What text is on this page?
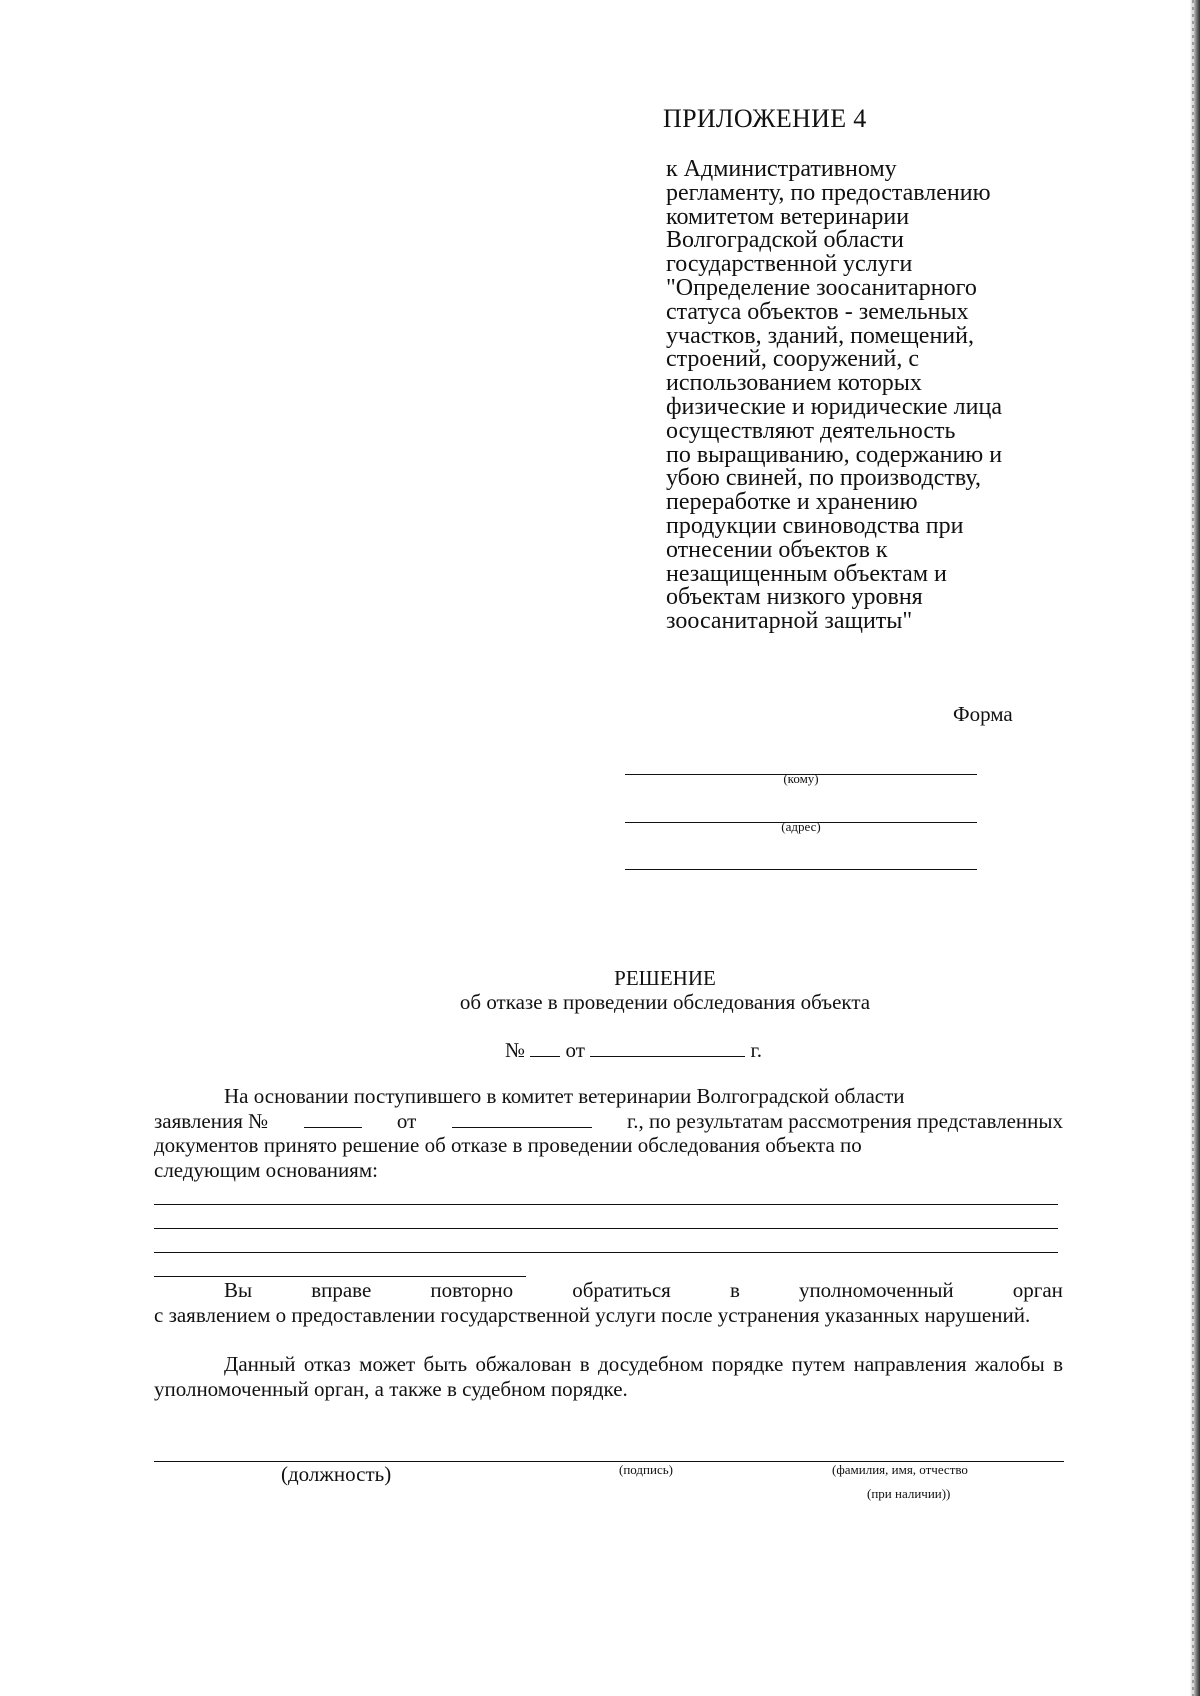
ПРИЛОЖЕНИЕ 4
к Административному
регламенту, по предоставлению
комитетом ветеринарии
Волгоградской области
государственной услуги
"Определение зоосанитарного
статуса объектов - земельных
участков, зданий, помещений,
строений, сооружений, с
использованием которых
физические и юридические лица
осуществляют деятельность
по выращиванию, содержанию и
убою свиней, по производству,
переработке и хранению
продукции свиноводства при
отнесении объектов к
незащищенным объектам и
объектам низкого уровня
зоосанитарной защиты"
Форма
(кому)
(адрес)
РЕШЕНИЕ
об отказе в проведении обследования объекта
№ от	г.
На основании поступившего в комитет ветеринарии Волгоградской области
заявления №	от	г., по результатам рассмотрения представленных
документов принято решение об отказе в проведении обследования объекта по
следующим основаниям:
Вы	вправе	повторно	обратиться	в	уполномоченный	орган
с заявлением о предоставлении государственной услуги после устранения указанных нарушений.
Данный отказ может быть обжалован в досудебном порядке путем направления жалобы в уполномоченный орган, а также в судебном порядке.
(должность)	(подпись)	(фамилия, имя, отчество
(при наличии))
